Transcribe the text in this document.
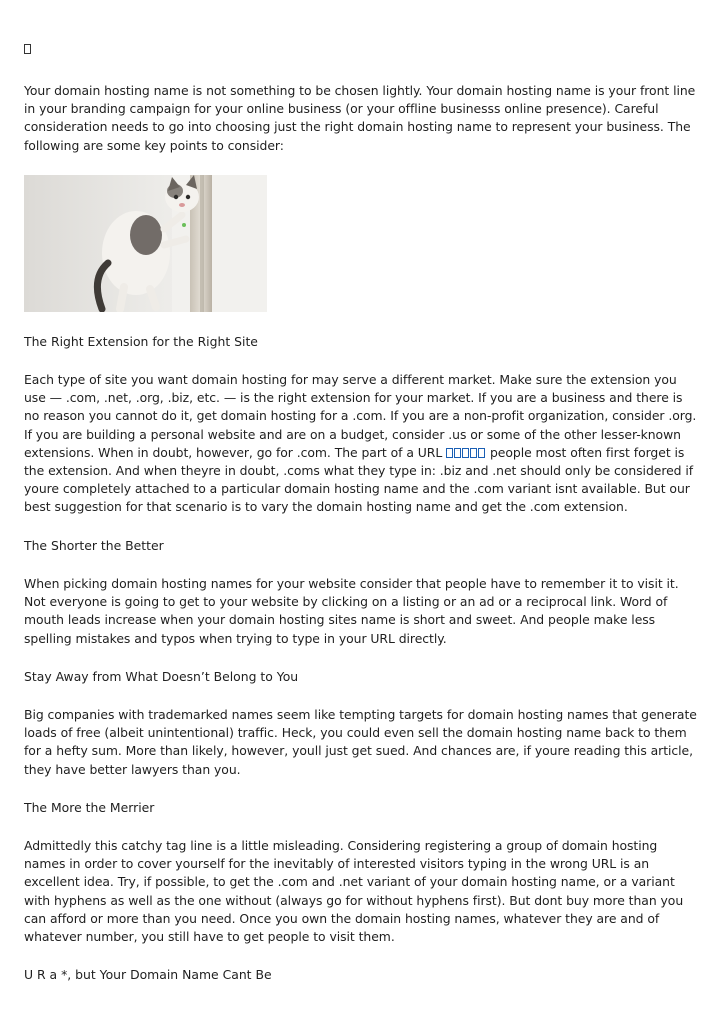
Your domain hosting name is not something to be chosen lightly. Your domain hosting name is your front line in your branding campaign for your online business (or your offline businesss online presence). Careful consideration needs to go into choosing just the right domain hosting name to represent your business. The following are some key points to consider:

The Right Extension for the Right Site

Each type of site you want domain hosting for may serve a different market. Make sure the extension you use — .com, .net, .org, .biz, etc. — is the right extension for your market. If you are a business and there is no reason you cannot do it, get domain hosting for a .com. If you are a non-profit organization, consider .org. If you are building a personal website and are on a budget, consider .us or some of the other lesser-known extensions. When in doubt, however, go for .com. The part of a URL	people most often first forget is the extension. And when theyre in doubt, .coms what they type in: .biz and .net should only be considered if youre completely attached to a particular domain hosting name and the .com variant isnt available. But our best suggestion for that scenario is to vary the domain hosting name and get the .com extension.

The Shorter the Better

When picking domain hosting names for your website consider that people have to remember it to visit it. Not everyone is going to get to your website by clicking on a listing or an ad or a reciprocal link. Word of mouth leads increase when your domain hosting sites name is short and sweet. And people make less spelling mistakes and typos when trying to type in your URL directly.

Stay Away from What Doesn’t Belong to You

Big companies with trademarked names seem like tempting targets for domain hosting names that generate loads of free (albeit unintentional) traffic. Heck, you could even sell the domain hosting name back to them for a hefty sum. More than likely, however, youll just get sued. And chances are, if youre reading this article, they have better lawyers than you.

The More the Merrier

Admittedly this catchy tag line is a little misleading. Considering registering a group of domain hosting names in order to cover yourself for the inevitably of interested visitors typing in the wrong URL is an excellent idea. Try, if possible, to get the .com and .net variant of your domain hosting name, or a variant with hyphens as well as the one without (always go for without hyphens first). But dont buy more than you can afford or more than you need. Once you own the domain hosting names, whatever they are and of whatever number, you still have to get people to visit them.

U R a *, but Your Domain Name Cant Be
